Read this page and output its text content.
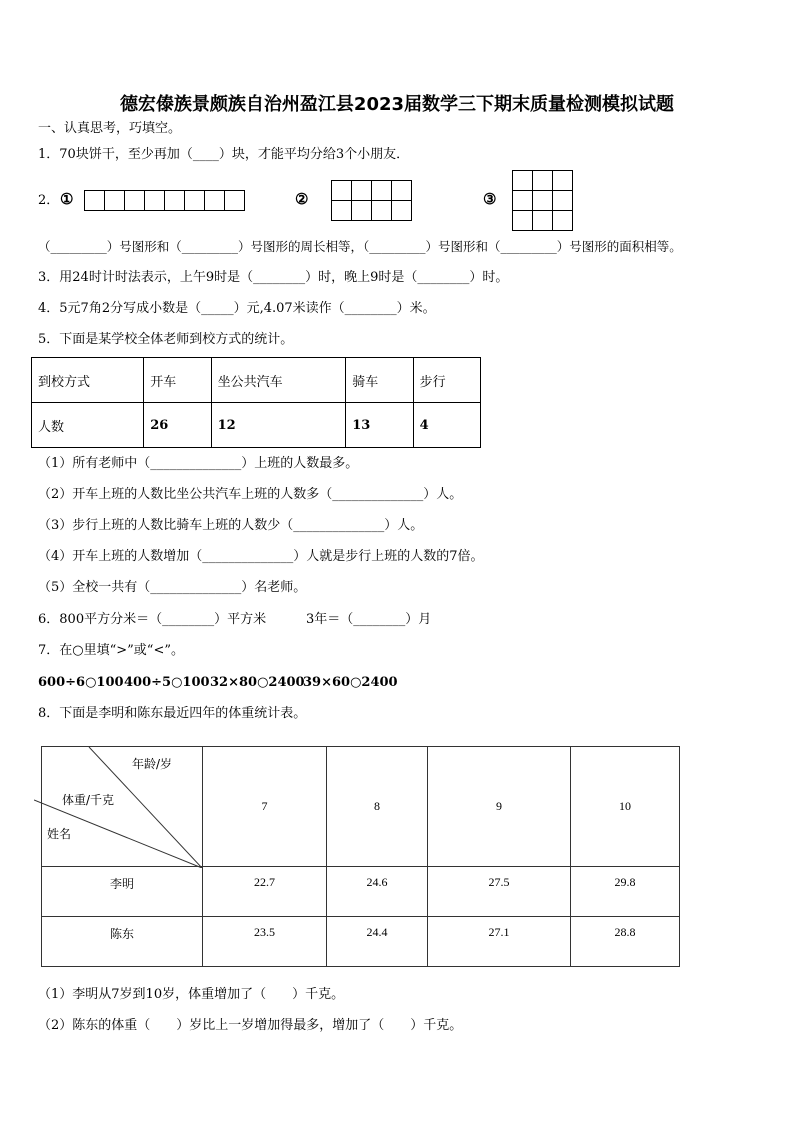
德宏傣族景颇族自治州盈江县2023届数学三下期末质量检测模拟试题
一、认真思考，巧填空。
1．70块饼干，至少再加（____）块，才能平均分给3个小朋友．
2． ①
								②

				③

（_________）号图形和（_________）号图形的周长相等，（_________）号图形和（_________）号图形的面积相等。
3．用24时计时法表示，上午9时是（________）时，晚上9时是（________）时。
4．5元7角2分写成小数是（_____）元,4.07米读作（________）米。
5．下面是某学校全体老师到校方式的统计。
到校方式	开车	坐公共汽车	骑车	步行
人数	26	12	13	4
（1）所有老师中（______________）上班的人数最多。
（2）开车上班的人数比坐公共汽车上班的人数多（______________）人。
（3）步行上班的人数比骑车上班的人数少（______________）人。
（4）开车上班的人数增加（______________）人就是步行上班的人数的7倍。
（5）全校一共有（______________）名老师。
6．800平方分米＝（________）平方米	3年＝（________）月
7．在○里填“>”或“<”。
600÷6○100 400÷5○100 32×80○2400
39×60○2400
8．下面是李明和陈东最近四年的体重统计表。
年龄/岁
体重/千克
姓名	7	8	9	10
李明	22.7	24.6	27.5	29.8
陈东	23.5	24.4	27.1	28.8
（1）李明从7岁到10岁，体重增加了（　　）千克。
（2）陈东的体重（　　）岁比上一岁增加得最多，增加了（　　）千克。
